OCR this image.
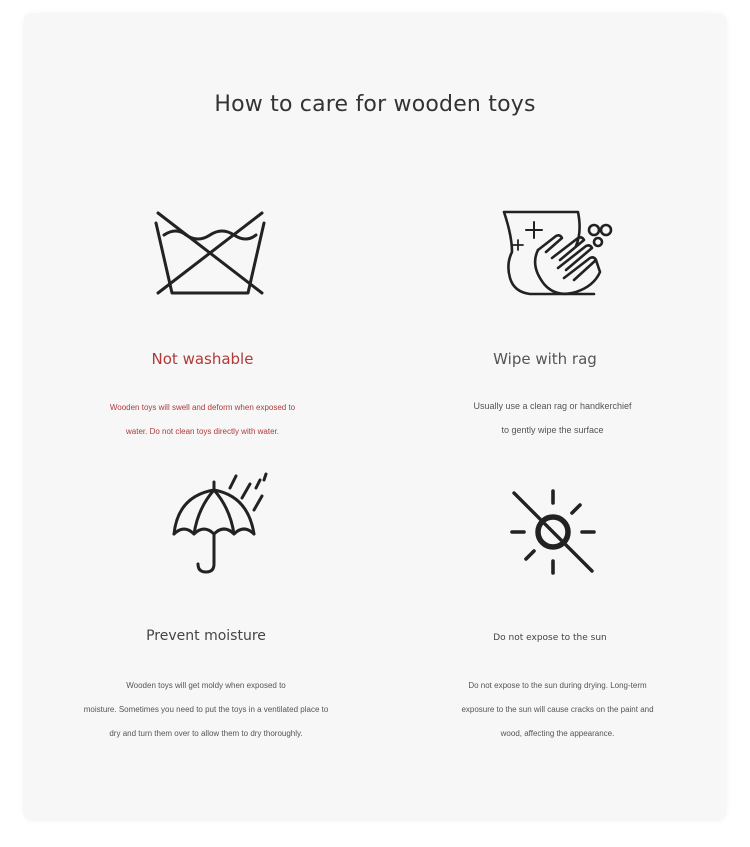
How to care for wooden toys
Not washable
Wooden toys will swell and deform when exposed to
water. Do not clean toys directly with water.
Wipe with rag
Usually use a clean rag or handkerchief
to gently wipe the surface
Prevent moisture
Wooden toys will get moldy when exposed to
moisture. Sometimes you need to put the toys in a ventilated place to
dry and turn them over to allow them to dry thoroughly.
Do not expose to the sun
Do not expose to the sun during drying. Long-term
exposure to the sun will cause cracks on the paint and
wood, affecting the appearance.
